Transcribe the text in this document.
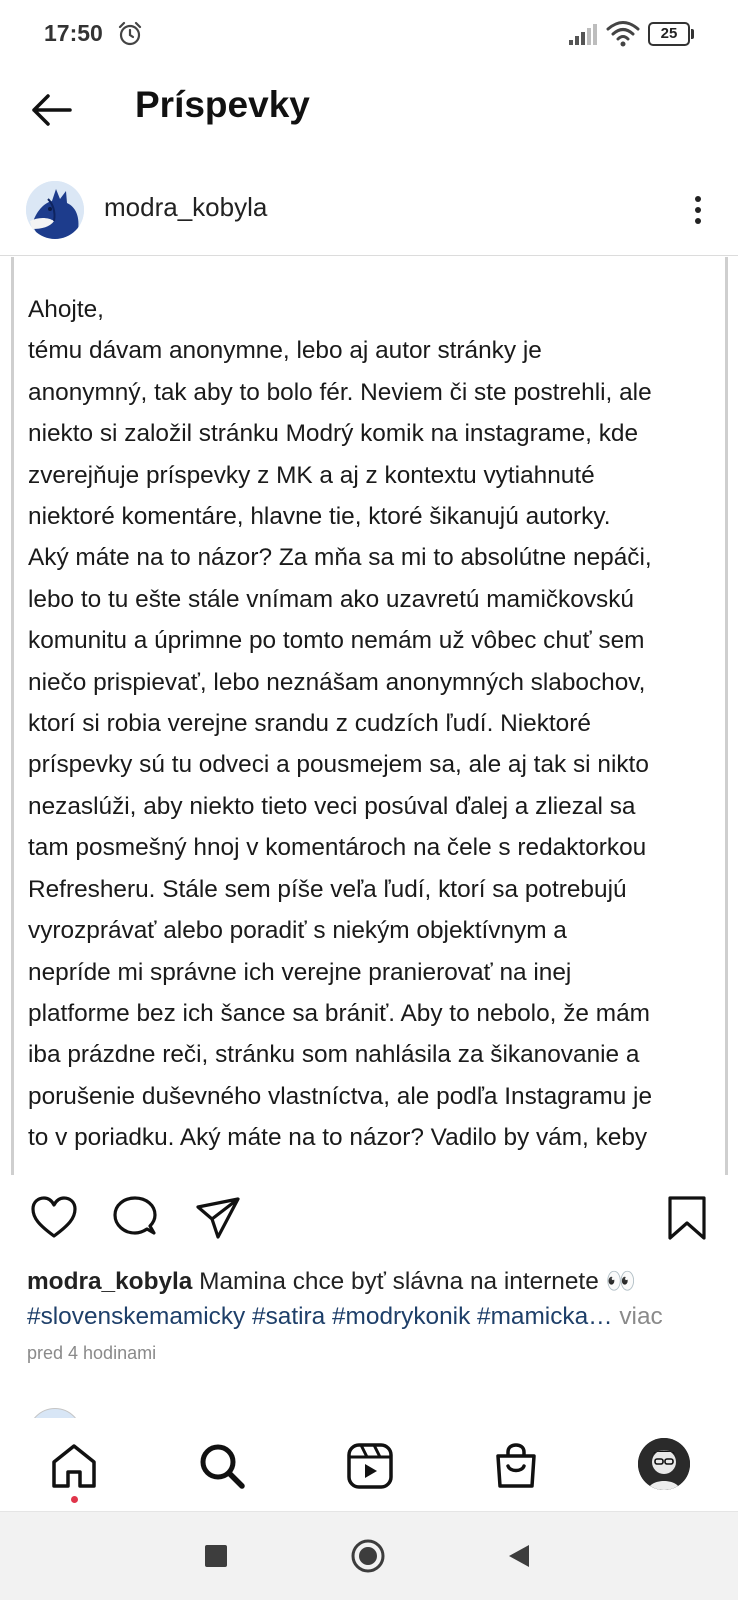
17:50	25
Príspevky
modra_kobyla
Ahojte,
tému dávam anonymne, lebo aj autor stránky je
anonymný, tak aby to bolo fér. Neviem či ste postrehli, ale
niekto si založil stránku Modrý komik na instagrame, kde
zverejňuje príspevky z MK a aj z kontextu vytiahnuté
niektoré komentáre, hlavne tie, ktoré šikanujú autorky.
Aký máte na to názor? Za mňa sa mi to absolútne nepáči,
lebo to tu ešte stále vnímam ako uzavretú mamičkovskú
komunitu a úprimne po tomto nemám už vôbec chuť sem
niečo prispievať, lebo neznášam anonymných slabochov,
ktorí si robia verejne srandu z cudzích ľudí. Niektoré
príspevky sú tu odveci a pousmejem sa, ale aj tak si nikto
nezaslúži, aby niekto tieto veci posúval ďalej a zliezal sa
tam posmešný hnoj v komentároch na čele s redaktorkou
Refresheru. Stále sem píše veľa ľudí, ktorí sa potrebujú
vyrozprávať alebo poradiť s niekým objektívnym a
nepríde mi správne ich verejne pranierovať na inej
platforme bez ich šance sa brániť. Aby to nebolo, že mám
iba prázdne reči, stránku som nahlásila za šikanovanie a
porušenie duševného vlastníctva, ale podľa Instagramu je
to v poriadku. Aký máte na to názor? Vadilo by vám, keby
modra_kobyla Mamina chce byť slávna na internete 👀
#slovenskemamicky #satira #modrykonik #mamicka… viac
pred 4 hodinami
